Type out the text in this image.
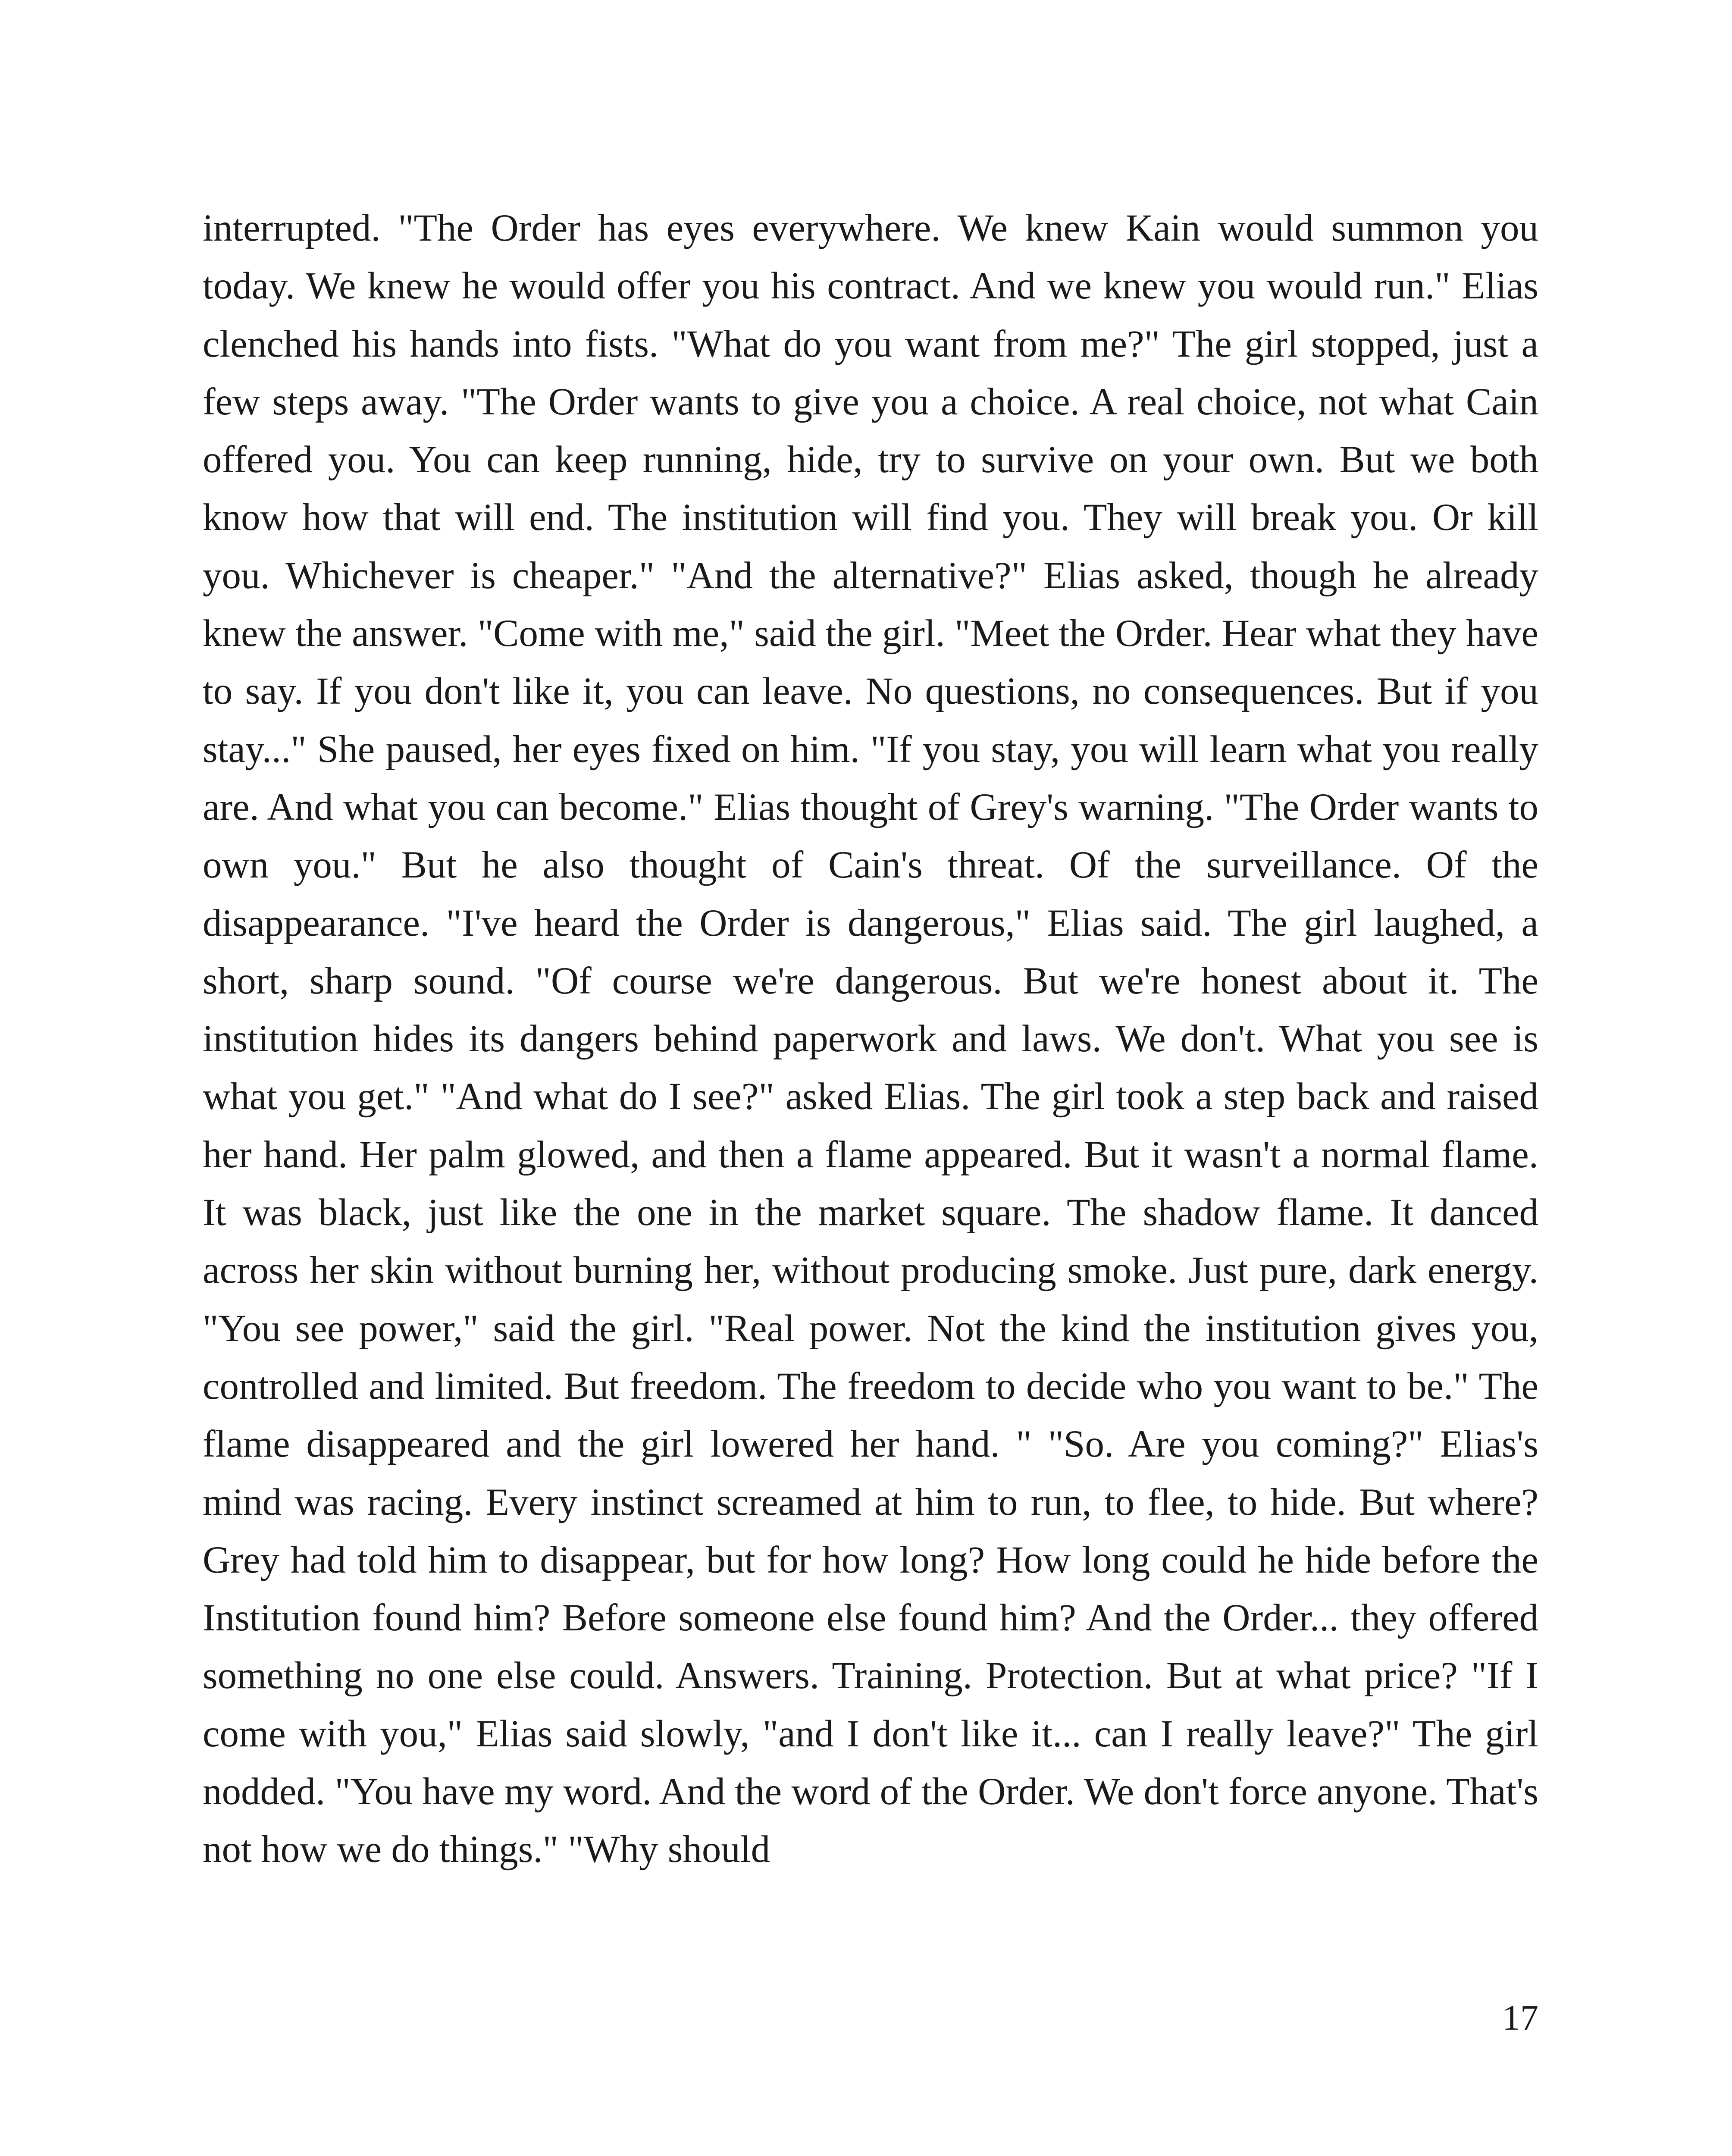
interrupted. "The Order has eyes everywhere. We knew Kain would summon you today. We knew he would offer you his contract. And we knew you would run." Elias clenched his hands into fists. "What do you want from me?" The girl stopped, just a few steps away. "The Order wants to give you a choice. A real choice, not what Cain offered you. You can keep running, hide, try to survive on your own. But we both know how that will end. The institution will find you. They will break you. Or kill you. Whichever is cheaper." "And the alternative?" Elias asked, though he already knew the answer. "Come with me," said the girl. "Meet the Order. Hear what they have to say. If you don't like it, you can leave. No questions, no consequences. But if you stay..." She paused, her eyes fixed on him. "If you stay, you will learn what you really are. And what you can become." Elias thought of Grey's warning. "The Order wants to own you." But he also thought of Cain's threat. Of the surveillance. Of the disappearance. "I've heard the Order is dangerous," Elias said. The girl laughed, a short, sharp sound. "Of course we're dangerous. But we're honest about it. The institution hides its dangers behind paperwork and laws. We don't. What you see is what you get." "And what do I see?" asked Elias. The girl took a step back and raised her hand. Her palm glowed, and then a flame appeared. But it wasn't a normal flame. It was black, just like the one in the market square. The shadow flame. It danced across her skin without burning her, without producing smoke. Just pure, dark energy. "You see power," said the girl. "Real power. Not the kind the institution gives you, controlled and limited. But freedom. The freedom to decide who you want to be." The flame disappeared and the girl lowered her hand. " "So. Are you coming?" Elias's mind was racing. Every instinct screamed at him to run, to flee, to hide. But where? Grey had told him to disappear, but for how long? How long could he hide before the Institution found him? Before someone else found him? And the Order... they offered something no one else could. Answers. Training. Protection. But at what price? "If I come with you," Elias said slowly, "and I don't like it... can I really leave?" The girl nodded. "You have my word. And the word of the Order. We don't force anyone. That's not how we do things." "Why should

17
